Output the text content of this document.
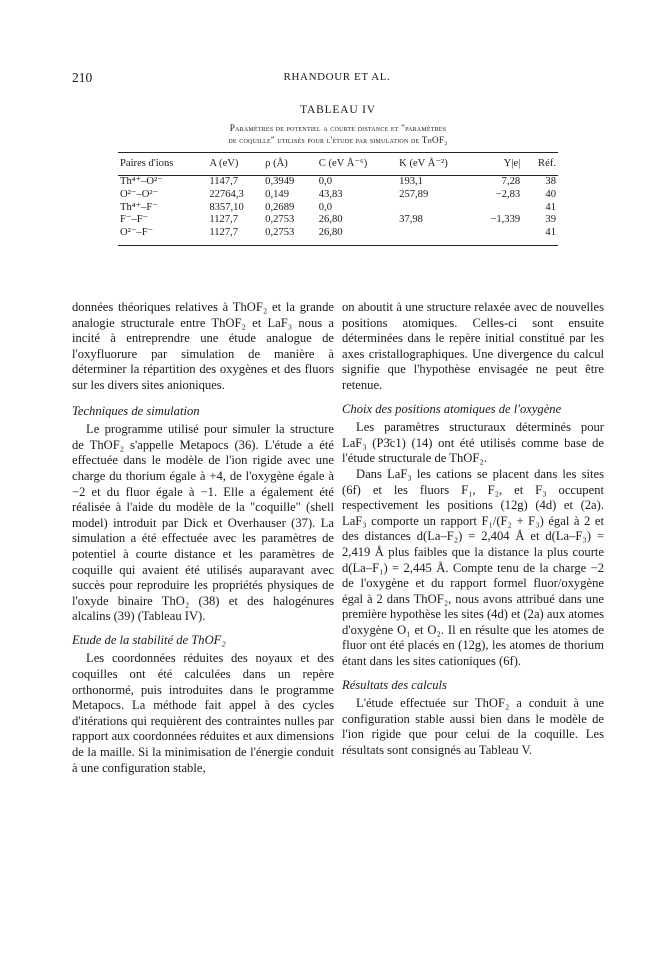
210	RHANDOUR ET AL.
TABLEAU IV
Paramètres de potentiel a courte distance et "paramètres
de coquille" utilisés pour l'étude par simulation de ThOF₂
Paires d'ions	A (eV)	ρ (Å)	C (eV Å⁻⁶)	K (eV Å⁻²)	Y|e|	Réf.

Th⁴⁺–O²⁻	1147,7	0,3949	0,0	193,1	7,28	38
O²⁻–O²⁻	22764,3	0,149	43,83	257,89	−2,83	40
Th⁴⁺–F⁻	8357,10	0,2689	0,0			41
F⁻–F⁻	1127,7	0,2753	26,80	37,98	−1,339	39
O²⁻–F⁻	1127,7	0,2753	26,80			41

données théoriques relatives à ThOF₂ et la grande analogie structurale entre ThOF₂ et LaF₃ nous a incité à entreprendre une étude analogue de l'oxyfluorure par simulation de manière à déterminer la répartition des oxygènes et des fluors sur les divers sites anioniques.

Techniques de simulation

Le programme utilisé pour simuler la structure de ThOF₂ s'appelle Metapocs (36). L'étude a été effectuée dans le modèle de l'ion rigide avec une charge du thorium égale à +4, de l'oxygène égale à −2 et du fluor égale à −1. Elle a également été réalisée à l'aide du modèle de la "coquille" (shell model) introduit par Dick et Overhauser (37). La simulation a été effectuée avec les paramètres de potentiel à courte distance et les paramètres de coquille qui avaient été utilisés auparavant avec succès pour reproduire les propriétés physiques de l'oxyde binaire ThO₂ (38) et des halogénures alcalins (39) (Tableau IV).

Etude de la stabilité de ThOF₂

Les coordonnées réduites des noyaux et des coquilles ont été calculées dans un repère orthonormé, puis introduites dans le programme Metapocs. La méthode fait appel à des cycles d'itérations qui requièrent des contraintes nulles par rapport aux coordonnées réduites et aux dimensions de la maille. Si la minimisation de l'énergie conduit à une configuration stable,

on aboutit à une structure relaxée avec de nouvelles positions atomiques. Celles-ci sont ensuite déterminées dans le repère initial constitué par les axes cristallographiques. Une divergence du calcul signifie que l'hypothèse envisagée ne peut être retenue.

Choix des positions atomiques de l'oxygène

Les paramètres structuraux déterminés pour LaF₃ (P3̄c1) (14) ont été utilisés comme base de l'étude structurale de ThOF₂.

Dans LaF₃ les cations se placent dans les sites (6f) et les fluors F₁, F₂, et F₃ occupent respectivement les positions (12g) (4d) et (2a). LaF₃ comporte un rapport F₁/(F₂ + F₃) égal à 2 et des distances d(La–F₂) = 2,404 Å et d(La–F₃) = 2,419 Å plus faibles que la distance la plus courte d(La–F₁) = 2,445 Å. Compte tenu de la charge −2 de l'oxygène et du rapport formel fluor/oxygène égal à 2 dans ThOF₂, nous avons attribué dans une première hypothèse les sites (4d) et (2a) aux atomes d'oxygène O₁ et O₂. Il en résulte que les atomes de fluor ont été placés en (12g), les atomes de thorium étant dans les sites cationiques (6f).

Résultats des calculs

L'étude effectuée sur ThOF₂ a conduit à une configuration stable aussi bien dans le modèle de l'ion rigide que pour celui de la coquille. Les résultats sont consignés au Tableau V.
